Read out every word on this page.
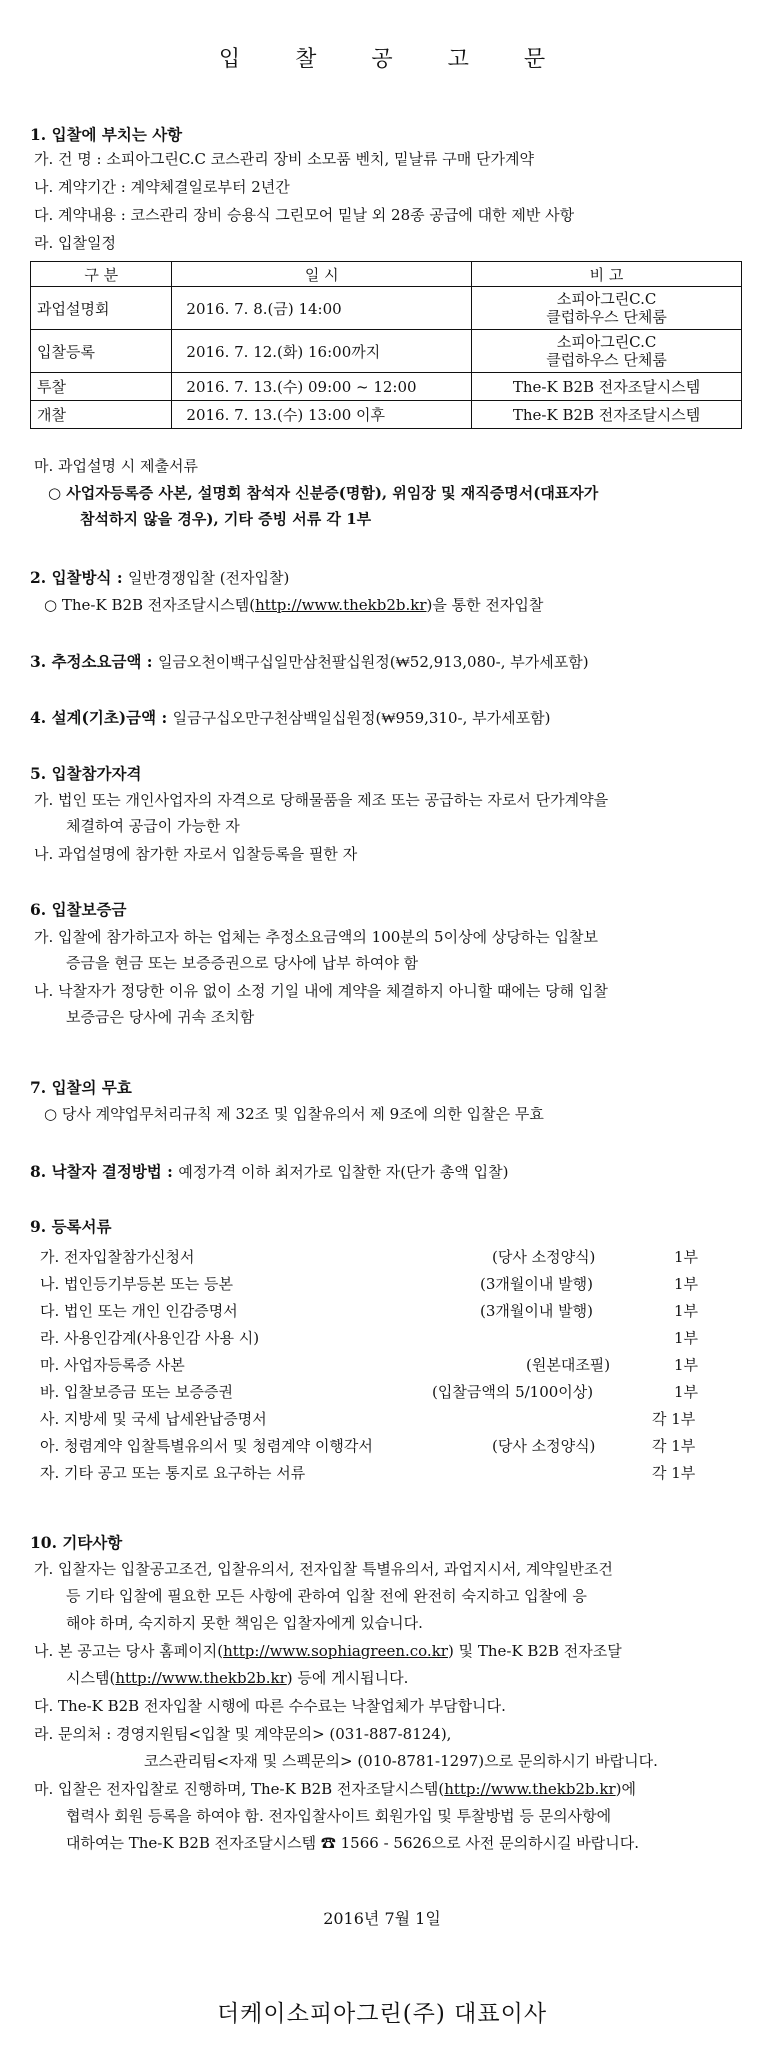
입 찰 공 고 문
1. 입찰에 부치는 사항
가. 건 명 : 소피아그린C.C 코스관리 장비 소모품 벤치, 밑날류 구매 단가계약
나. 계약기간 : 계약체결일로부터 2년간
다. 계약내용 : 코스관리 장비 승용식 그린모어 밑날 외 28종 공급에 대한 제반 사항
라. 입찰일정
구 분	일 시	비 고
과업설명회	2016. 7. 8.(금) 14:00	소피아그린C.C
클럽하우스 단체룸
입찰등록	2016. 7. 12.(화) 16:00까지	소피아그린C.C
클럽하우스 단체룸
투찰	2016. 7. 13.(수) 09:00 ~ 12:00	The-K B2B 전자조달시스템
개찰	2016. 7. 13.(수) 13:00 이후	The-K B2B 전자조달시스템
마. 과업설명 시 제출서류
○ 사업자등록증 사본, 설명회 참석자 신분증(명함), 위임장 및 재직증명서(대표자가
참석하지 않을 경우), 기타 증빙 서류 각 1부
2. 입찰방식 : 일반경쟁입찰 (전자입찰)
○ The-K B2B 전자조달시스템(http://www.thekb2b.kr)을 통한 전자입찰
3. 추정소요금액 : 일금오천이백구십일만삼천팔십원정(₩52,913,080-, 부가세포함)
4. 설계(기초)금액 : 일금구십오만구천삼백일십원정(₩959,310-, 부가세포함)
5. 입찰참가자격
가. 법인 또는 개인사업자의 자격으로 당해물품을 제조 또는 공급하는 자로서 단가계약을
체결하여 공급이 가능한 자
나. 과업설명에 참가한 자로서 입찰등록을 필한 자
6. 입찰보증금
가. 입찰에 참가하고자 하는 업체는 추정소요금액의 100분의 5이상에 상당하는 입찰보
증금을 현금 또는 보증증권으로 당사에 납부 하여야 함
나. 낙찰자가 정당한 이유 없이 소정 기일 내에 계약을 체결하지 아니할 때에는 당해 입찰
보증금은 당사에 귀속 조치함
7. 입찰의 무효
○ 당사 계약업무처리규칙 제 32조 및 입찰유의서 제 9조에 의한 입찰은 무효
8. 낙찰자 결정방법 : 예정가격 이하 최저가로 입찰한 자(단가 총액 입찰)
9. 등록서류
가. 전자입찰참가신청서	(당사 소정양식)	1부
나. 법인등기부등본 또는 등본	(3개월이내 발행)	1부
다. 법인 또는 개인 인감증명서	(3개월이내 발행)	1부
라. 사용인감계(사용인감 사용 시)	1부
마. 사업자등록증 사본	(원본대조필)	1부
바. 입찰보증금 또는 보증증권	(입찰금액의 5/100이상)	1부
사. 지방세 및 국세 납세완납증명서	각 1부
아. 청렴계약 입찰특별유의서 및 청렴계약 이행각서	(당사 소정양식)	각 1부
자. 기타 공고 또는 통지로 요구하는 서류	각 1부
10. 기타사항
가. 입찰자는 입찰공고조건, 입찰유의서, 전자입찰 특별유의서, 과업지시서, 계약일반조건
등 기타 입찰에 필요한 모든 사항에 관하여 입찰 전에 완전히 숙지하고 입찰에 응
해야 하며, 숙지하지 못한 책임은 입찰자에게 있습니다.
나. 본 공고는 당사 홈페이지(http://www.sophiagreen.co.kr) 및 The-K B2B 전자조달
시스템(http://www.thekb2b.kr) 등에 게시됩니다.
다. The-K B2B 전자입찰 시행에 따른 수수료는 낙찰업체가 부담합니다.
라. 문의처 : 경영지원팀<입찰 및 계약문의> (031-887-8124),
코스관리팀<자재 및 스펙문의> (010-8781-1297)으로 문의하시기 바랍니다.
마. 입찰은 전자입찰로 진행하며, The-K B2B 전자조달시스템(http://www.thekb2b.kr)에
협력사 회원 등록을 하여야 함. 전자입찰사이트 회원가입 및 투찰방법 등 문의사항에
대하여는 The-K B2B 전자조달시스템 ☎ 1566 - 5626으로 사전 문의하시길 바랍니다.
2016년 7월 1일
더케이소피아그린(주) 대표이사
